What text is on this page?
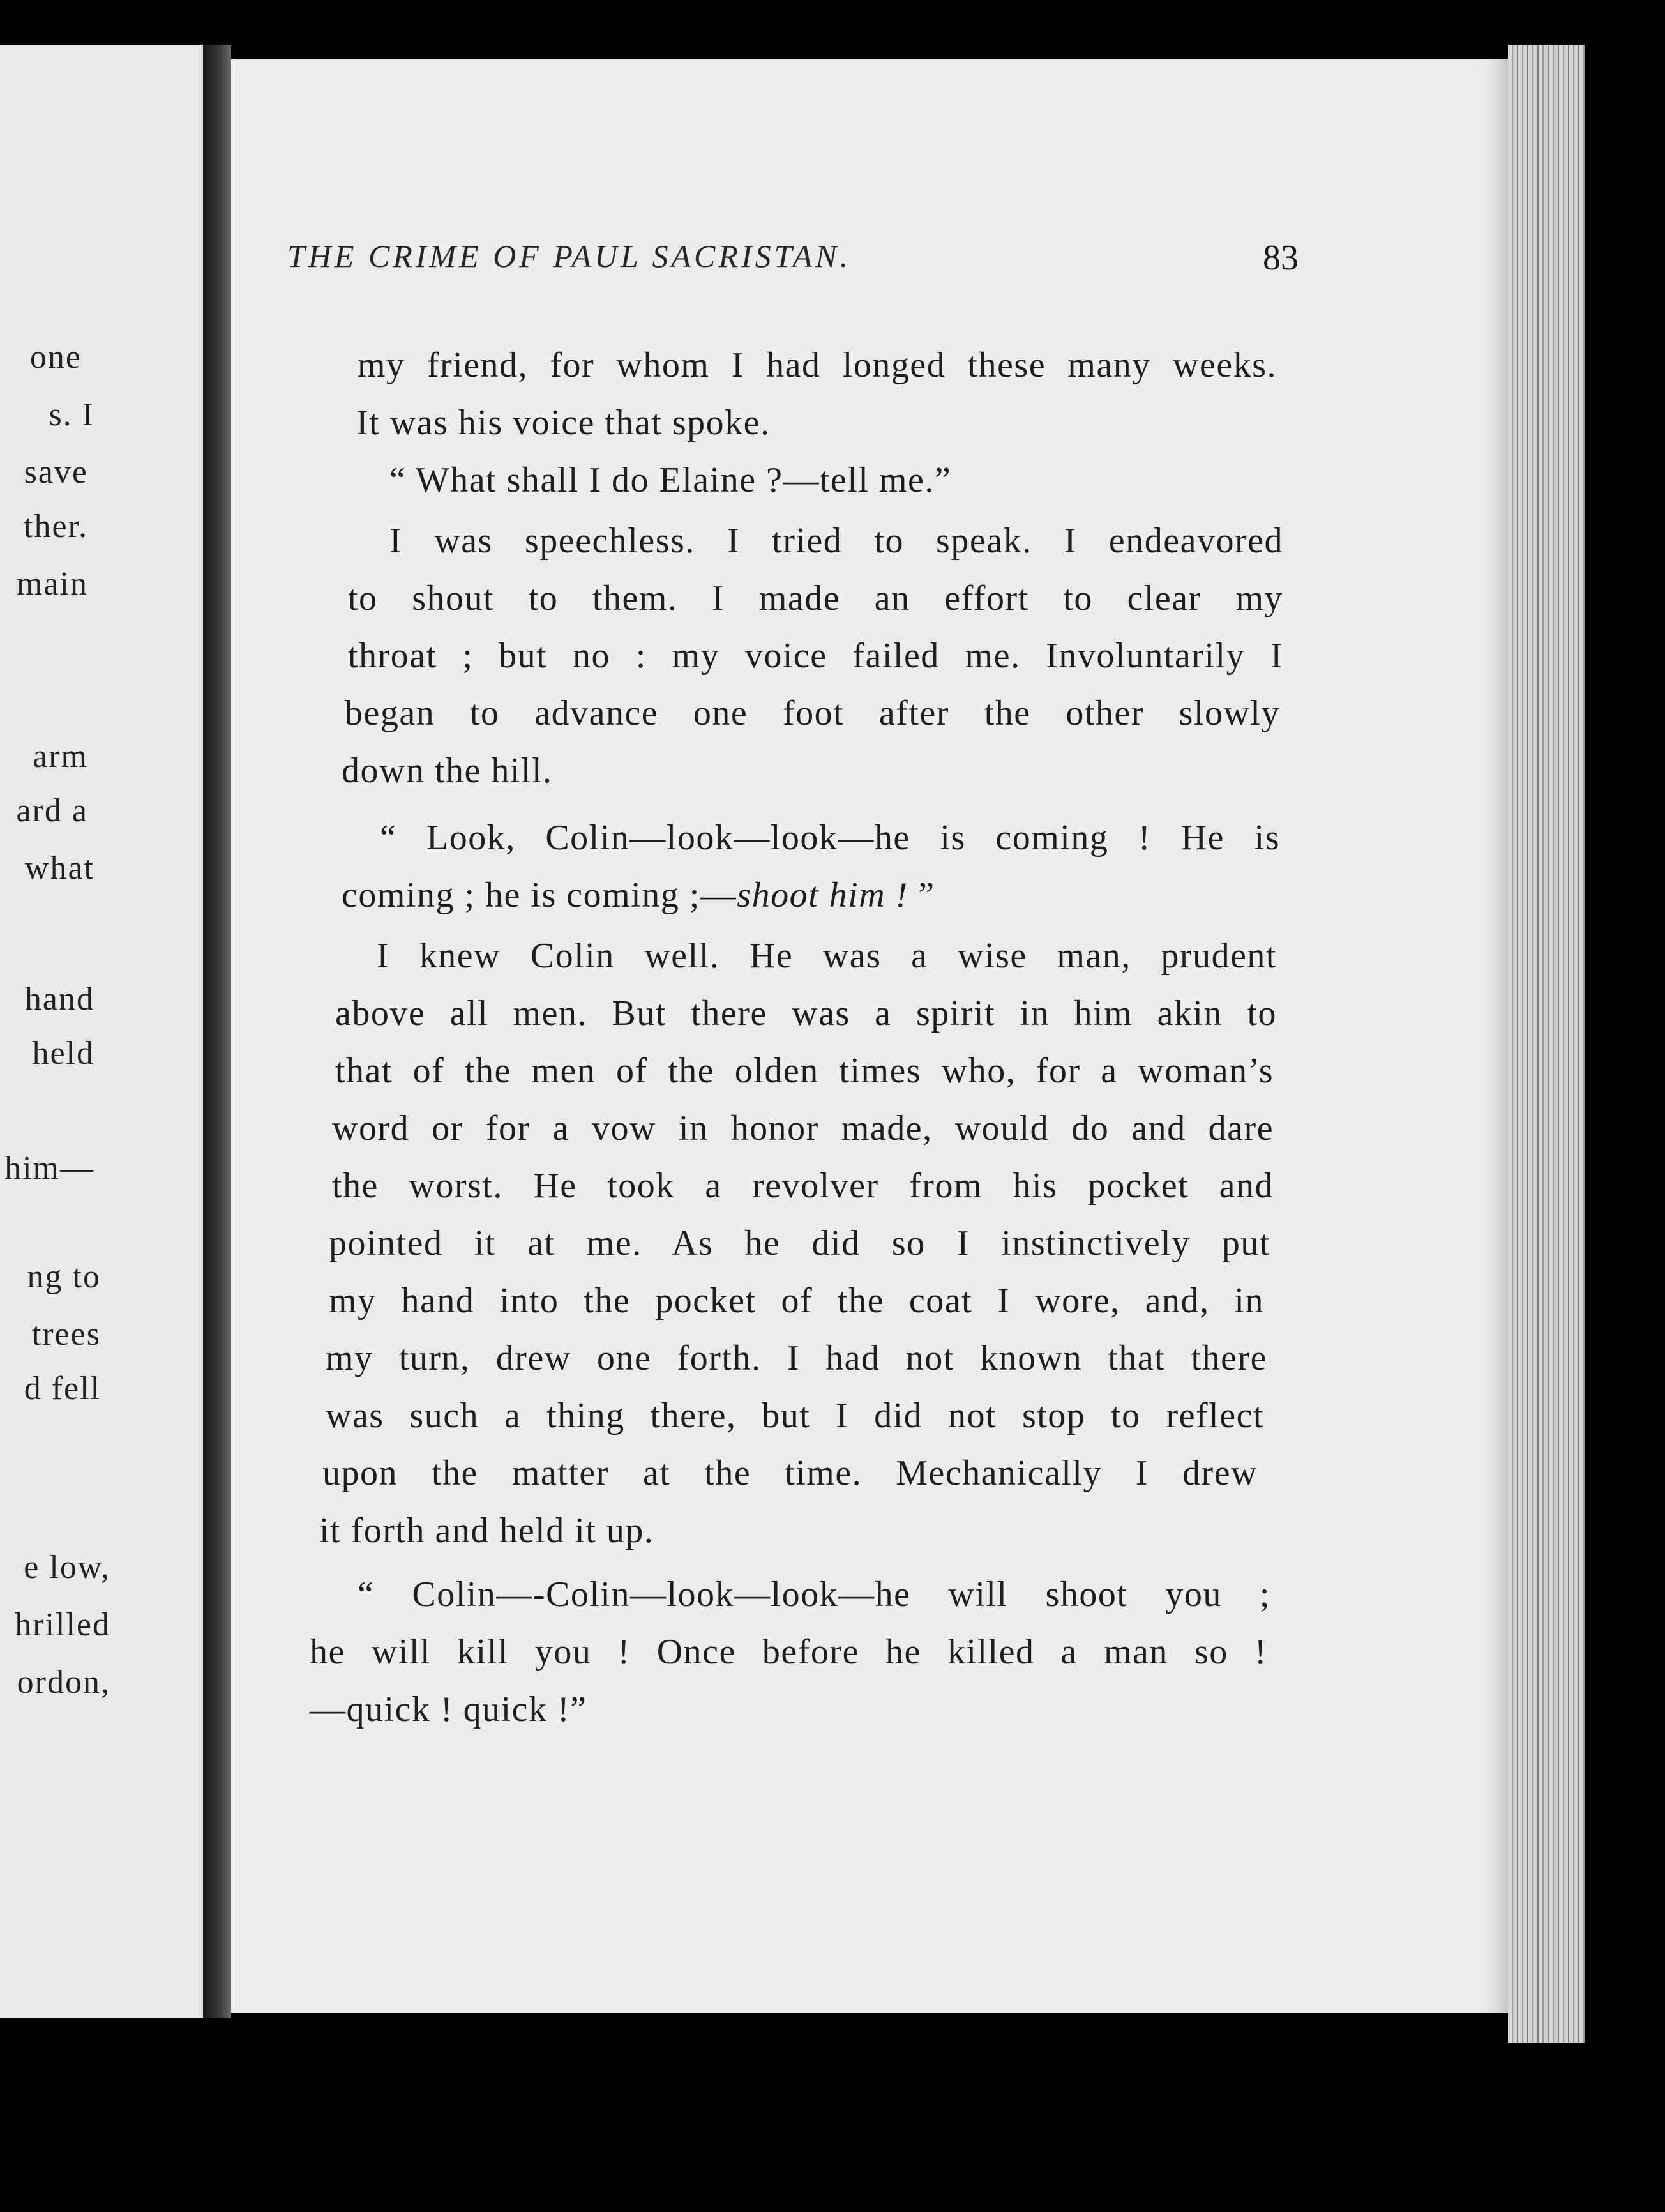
one
s. I
save
ther.
main
arm
ard a
what
hand
held
him—
ng to
trees
d fell
e low,
hrilled
ordon,
THE CRIME OF PAUL SACRISTAN.	83
my friend, for whom I had longed these many weeks.
It was his voice that spoke.
“ What shall I do Elaine ?—tell me.”
I was speechless. I tried to speak. I endeavored
to shout to them. I made an effort to clear my
throat ; but no : my voice failed me. Involuntarily I
began to advance one foot after the other slowly
down the hill.
“ Look, Colin—look—look—he is coming ! He is
coming ; he is coming ;—shoot him ! ”
I knew Colin well. He was a wise man, prudent
above all men. But there was a spirit in him akin to
that of the men of the olden times who, for a woman’s
word or for a vow in honor made, would do and dare
the worst. He took a revolver from his pocket and
pointed it at me. As he did so I instinctively put
my hand into the pocket of the coat I wore, and, in
my turn, drew one forth. I had not known that there
was such a thing there, but I did not stop to reflect
upon the matter at the time. Mechanically I drew
it forth and held it up.
“ Colin—-Colin—look—look—he will shoot you ;
he will kill you ! Once before he killed a man so !
—quick ! quick !”
